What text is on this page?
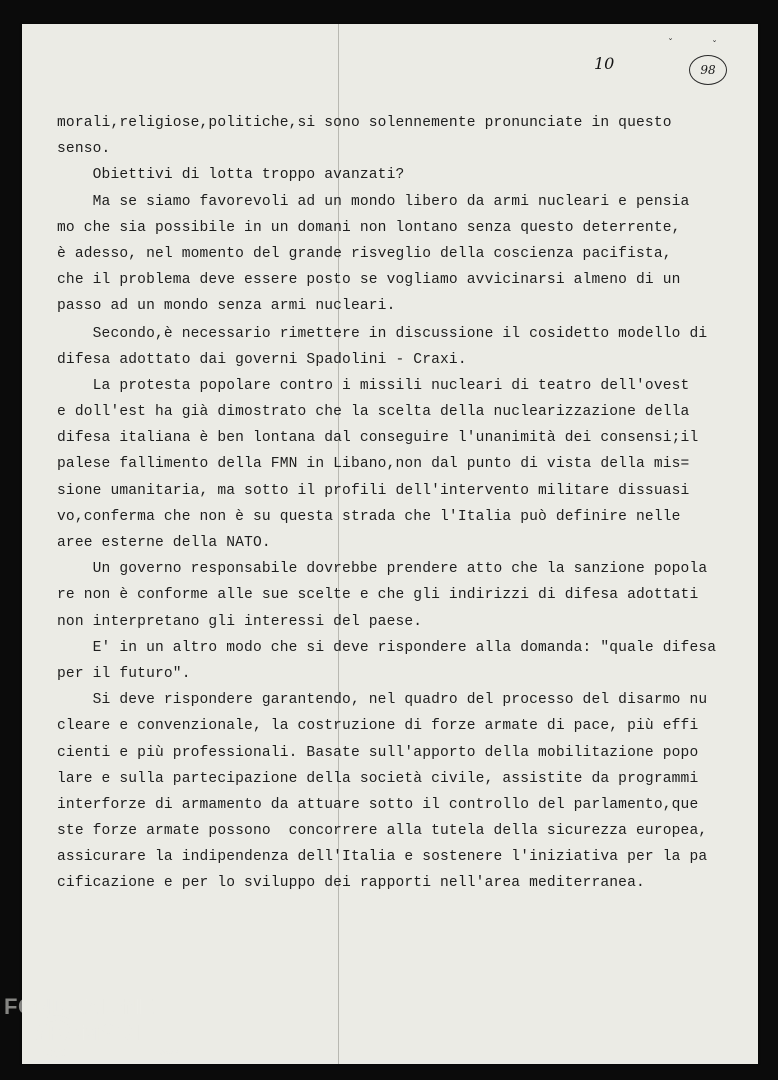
ˇ	ˇ
10	98
morali,religiose,politiche,si sono solennemente pronunciate in questo
senso.
Obiettivi di lotta troppo avanzati?
Ma se siamo favorevoli ad un mondo libero da armi nucleari e pensia
mo che sia possibile in un domani non lontano senza questo deterrente,
è adesso, nel momento del grande risveglio della coscienza pacifista,
che il problema deve essere posto se vogliamo avvicinarsi almeno di un
passo ad un mondo senza armi nucleari.
Secondo,è necessario rimettere in discussione il cosidetto modello di
difesa adottato dai governi Spadolini - Craxi.
La protesta popolare contro i missili nucleari di teatro dell'ovest
e doll'est ha già dimostrato che la scelta della nuclearizzazione della
difesa italiana è ben lontana dal conseguire l'unanimità dei consensi;il
palese fallimento della FMN in Libano,non dal punto di vista della mis=
sione umanitaria, ma sotto il profili dell'intervento militare dissuasi
vo,conferma che non è su questa strada che l'Italia può definire nelle
aree esterne della NATO.
Un governo responsabile dovrebbe prendere atto che la sanzione popola
re non è conforme alle sue scelte e che gli indirizzi di difesa adottati
non interpretano gli interessi del paese.
E' in un altro modo che si deve rispondere alla domanda: "quale difesa
per il futuro".
Si deve rispondere garantendo, nel quadro del processo del disarmo nu
cleare e convenzionale, la costruzione di forze armate di pace, più effi
cienti e più professionali. Basate sull'apporto della mobilitazione popo
lare e sulla partecipazione della società civile, assistite da programmi
interforze di armamento da attuare sotto il controllo del parlamento,que
ste forze armate possono  concorrere alla tutela della sicurezza europea,
assicurare la indipendenza dell'Italia e sostenere l'iniziativa per la pa
cificazione e per lo sviluppo dei rapporti nell'area mediterranea.
FONDAZIONE
RAMSCI
onlus
